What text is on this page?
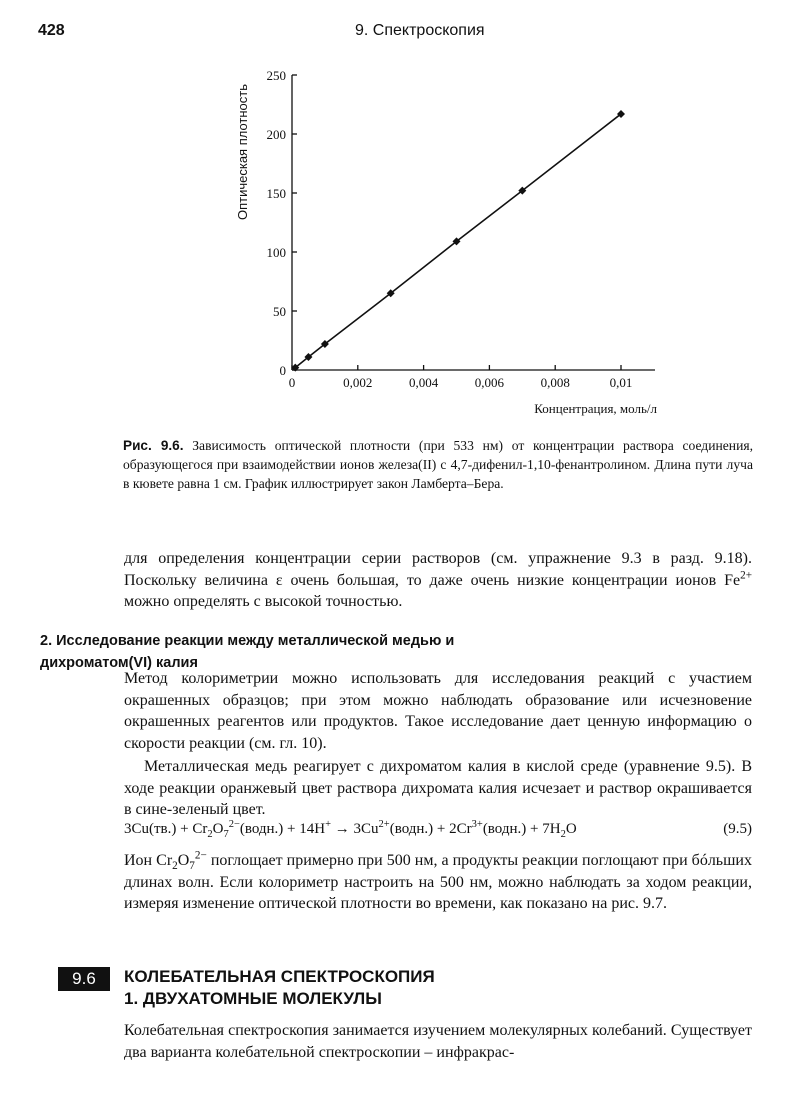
428	9. Спектроскопия
0
50
100
150
200
250
0	0,002	0,004	0,006	0,008	0,01
Оптическая плотность
Концентрация, моль/л
Рис. 9.6. Зависимость оптической плотности (при 533 нм) от концентрации раствора соединения, образующегося при взаимодействии ионов железа(II) с 4,7-дифенил-1,10-фенантролином. Длина пути луча в кювете равна 1 см. График иллюстрирует закон Ламберта–Бера.
для определения концентрации серии растворов (см. упражнение 9.3 в разд. 9.18). Поскольку величина ε очень большая, то даже очень низкие концентрации ионов $Fe^{2+}$ можно определять с высокой точностью.
2. Исследование реакции между металлической медью и
дихроматом(VI) калия
Метод колориметрии можно использовать для исследования реакций с участием окрашенных образцов; при этом можно наблюдать образование или исчезновение окрашенных реагентов или продуктов. Такое исследование дает ценную информацию о скорости реакции (см. гл. 10).
Металлическая медь реагирует с дихроматом калия в кислой среде (уравнение 9.5). В ходе реакции оранжевый цвет раствора дихромата калия исчезает и раствор окрашивается в сине-зеленый цвет.
$3Cu(тв.) + Cr_2O_7^{2-}(водн.) + 14H^+$ → $3Cu^{2+}(водн.)$ + $2Cr^{3+}(водн.) + 7H_2O$	(9.5)
Ион $Cr_2O_7^{2-}$ поглощает примерно при 500 нм, а продукты реакции поглощают при бóльших длинах волн. Если колориметр настроить на 500 нм, можно наблюдать за ходом реакции, измеряя изменение оптической плотности во времени, как показано на рис. 9.7.
9.6	КОЛЕБАТЕЛЬНАЯ СПЕКТРОСКОПИЯ
1. ДВУХАТОМНЫЕ МОЛЕКУЛЫ
Колебательная спектроскопия занимается изучением молекулярных колебаний. Существует два варианта колебательной спектроскопии – инфракрас-
